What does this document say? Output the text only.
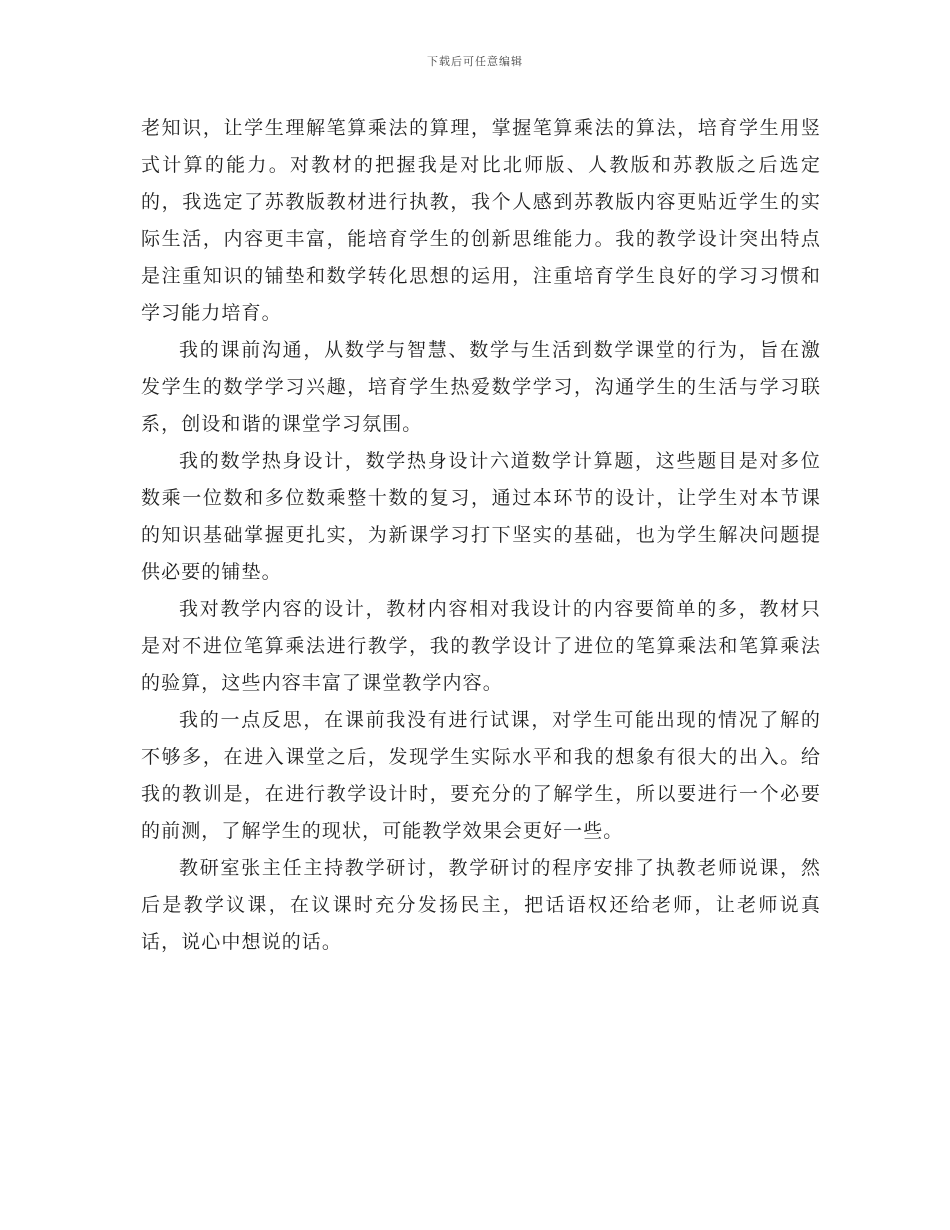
下载后可任意编辑

老知识，让学生理解笔算乘法的算理，掌握笔算乘法的算法，培育学生用竖式计算的能力。对教材的把握我是对比北师版、人教版和苏教版之后选定的，我选定了苏教版教材进行执教，我个人感到苏教版内容更贴近学生的实际生活，内容更丰富，能培育学生的创新思维能力。我的教学设计突出特点是注重知识的铺垫和数学转化思想的运用，注重培育学生良好的学习习惯和学习能力培育。

我的课前沟通，从数学与智慧、数学与生活到数学课堂的行为，旨在激发学生的数学学习兴趣，培育学生热爱数学学习，沟通学生的生活与学习联系，创设和谐的课堂学习氛围。

我的数学热身设计，数学热身设计六道数学计算题，这些题目是对多位数乘一位数和多位数乘整十数的复习，通过本环节的设计，让学生对本节课的知识基础掌握更扎实，为新课学习打下坚实的基础，也为学生解决问题提供必要的铺垫。

我对教学内容的设计，教材内容相对我设计的内容要简单的多，教材只是对不进位笔算乘法进行教学，我的教学设计了进位的笔算乘法和笔算乘法的验算，这些内容丰富了课堂教学内容。

我的一点反思，在课前我没有进行试课，对学生可能出现的情况了解的不够多，在进入课堂之后，发现学生实际水平和我的想象有很大的出入。给我的教训是，在进行教学设计时，要充分的了解学生，所以要进行一个必要的前测，了解学生的现状，可能教学效果会更好一些。

教研室张主任主持教学研讨，教学研讨的程序安排了执教老师说课，然后是教学议课，在议课时充分发扬民主，把话语权还给老师，让老师说真话，说心中想说的话。
